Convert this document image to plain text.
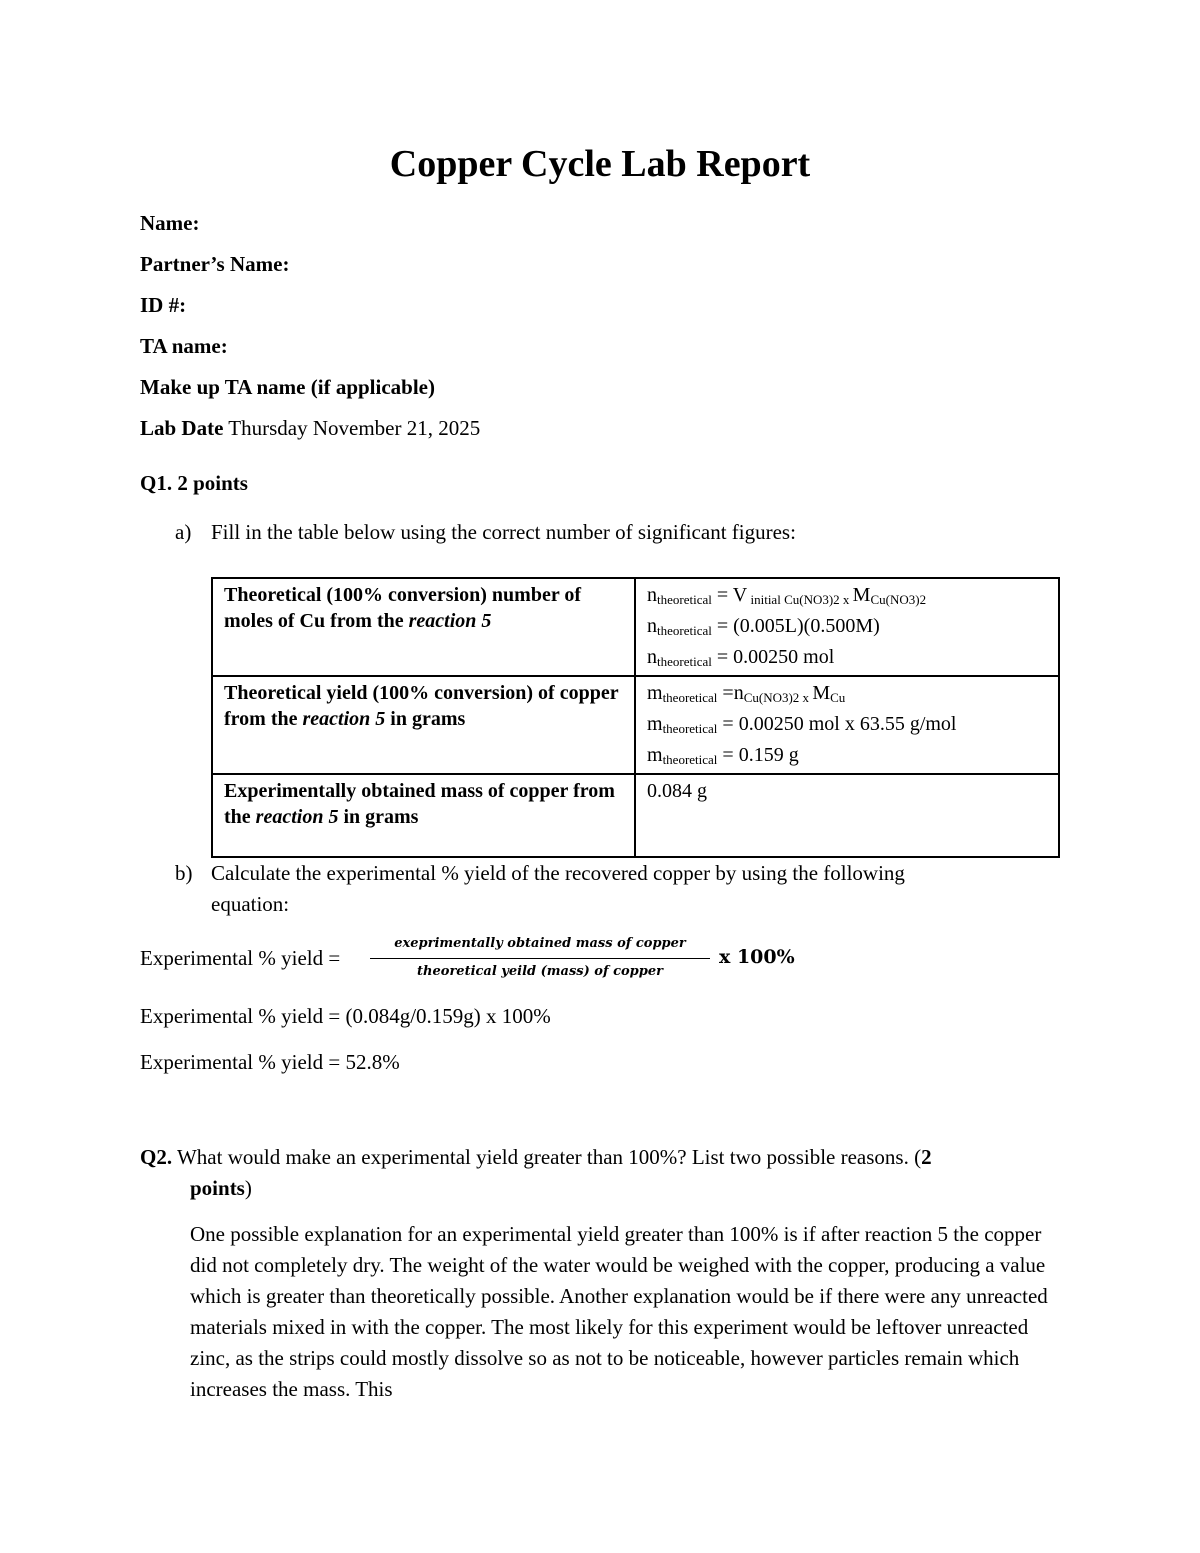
Copper Cycle Lab Report
Name:
Partner’s Name:
ID #:
TA name:
Make up TA name (if applicable)
Lab Date Thursday November 21, 2025
Q1. 2 points
a) Fill in the table below using the correct number of significant figures:
Theoretical (100% conversion) number of moles of Cu from the reaction 5	$n_{theoretical} = V$ $_{initial Cu(NO3)2 x}$ $M_{Cu(NO3)2}$
$n_{theoretical} = (0.005L)(0.500M)$
$n_{theoretical} = 0.00250$ mol

Theoretical yield (100% conversion) of copper from the reaction 5 in grams	$m_{theoretical} =n_{Cu(NO3)2 x}$ $M_{Cu}$
$m_{theoretical} = 0.00250$ mol x 63.55 g/mol
$m_{theoretical} = 0.159$ g

Experimentally obtained mass of copper from the reaction 5 in grams	0.084 g
b) Calculate the experimental % yield of the recovered copper by using the following
equation:
Experimental % yield =
exeprimentally obtained mass of copper
theoretical yeild (mass) of copper
x 100%
Experimental % yield = (0.084g/0.159g) x 100%
Experimental % yield = 52.8%
Q2. What would make an experimental yield greater than 100%? List two possible reasons. (2
points)
One possible explanation for an experimental yield greater than 100% is if after reaction 5 the copper did not completely dry. The weight of the water would be weighed with the copper, producing a value which is greater than theoretically possible. Another explanation would be if there were any unreacted materials mixed in with the copper. The most likely for this experiment would be leftover unreacted zinc, as the strips could mostly dissolve so as not to be noticeable, however particles remain which increases the mass. This
